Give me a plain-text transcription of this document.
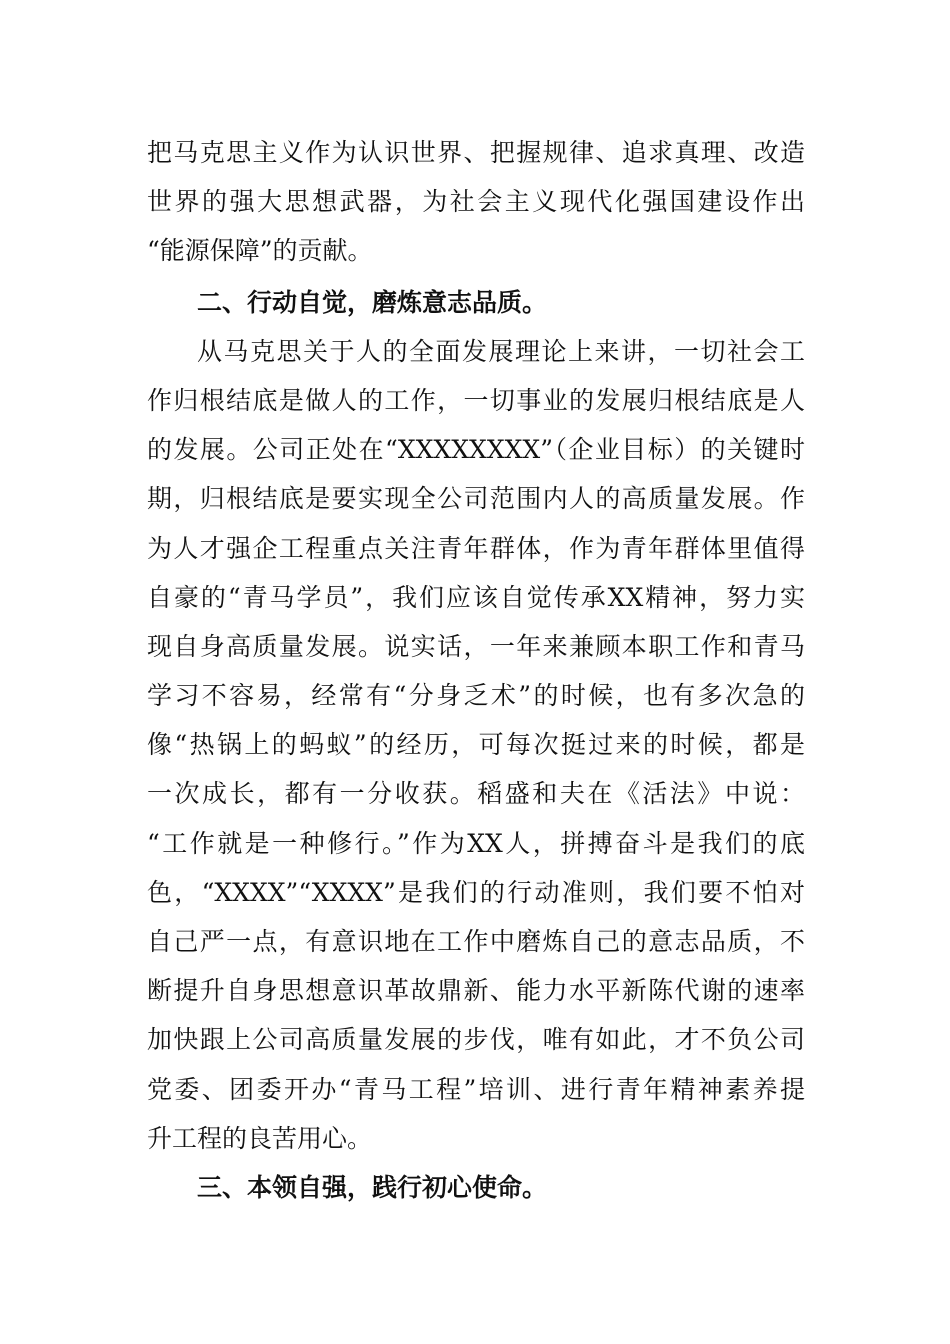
把马克思主义作为认识世界、把握规律、追求真理、改造
世界的强大思想武器，为社会主义现代化强国建设作出
“能源保障”的贡献。
二、行动自觉，磨炼意志品质。
从马克思关于人的全面发展理论上来讲，一切社会工
作归根结底是做人的工作，一切事业的发展归根结底是人
的发展。公司正处在“XXXXXXXX”（企业目标）的关键时
期，归根结底是要实现全公司范围内人的高质量发展。作
为人才强企工程重点关注青年群体，作为青年群体里值得
自豪的“青马学员”，我们应该自觉传承XX精神，努力实
现自身高质量发展。说实话，一年来兼顾本职工作和青马
学习不容易，经常有“分身乏术”的时候，也有多次急的
像“热锅上的蚂蚁”的经历，可每次挺过来的时候，都是
一次成长，都有一分收获。稻盛和夫在《活法》中说：
“工作就是一种修行。”作为XX人，拼搏奋斗是我们的底
色，“XXXX”“XXXX”是我们的行动准则，我们要不怕对
自己严一点，有意识地在工作中磨炼自己的意志品质，不
断提升自身思想意识革故鼎新、能力水平新陈代谢的速率
加快跟上公司高质量发展的步伐，唯有如此，才不负公司
党委、团委开办“青马工程”培训、进行青年精神素养提
升工程的良苦用心。
三、本领自强，践行初心使命。
